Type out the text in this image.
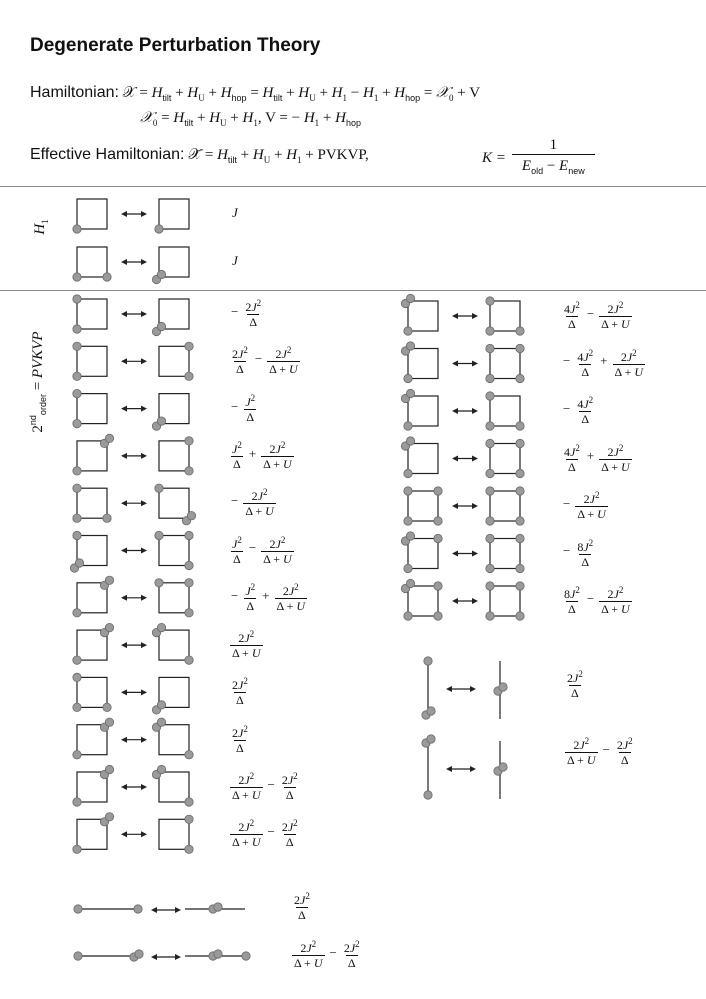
Degenerate Perturbation Theory
Hamiltonian: 𝒳 = $H_{tilt} + H_U + H_{hop} = H_{tilt} + H_U + H_1 - H_1 + H_{hop}$ = 𝒳$_0$ + V
𝒳$_0$ = $H_{tilt} + H_U + H_1$, V = − $H_1 + H_{hop}$
Effective Hamiltonian: 𝒳̃ = $H_{tilt} + H_U + H_1$ + PVKVP,	K =
1
$E_{old} - E_{new}$
$H_1$
$2nd_{order}$ = PVKVP
J
J
− $\frac{2J^2}{\Delta}$
$\frac{2J^2}{\Delta} - \frac{2J^2}{\Delta + U}$
− $\frac{J^2}{\Delta}$
$\frac{J^2}{\Delta} + \frac{2J^2}{\Delta + U}$
− $\frac{2J^2}{\Delta + U}$
$\frac{J^2}{\Delta} - \frac{2J^2}{\Delta + U}$
− $\frac{J^2}{\Delta} + \frac{2J^2}{\Delta + U}$
$\frac{2J^2}{\Delta + U}$
$\frac{2J^2}{\Delta}$
$\frac{2J^2}{\Delta}$
$\frac{2J^2}{\Delta + U} - \frac{2J^2}{\Delta}$
$\frac{2J^2}{\Delta + U} - \frac{2J^2}{\Delta}$
$\frac{4J^2}{\Delta} - \frac{2J^2}{\Delta + U}$
− $\frac{4J^2}{\Delta} + \frac{2J^2}{\Delta + U}$
− $\frac{4J^2}{\Delta}$
$\frac{4J^2}{\Delta} + \frac{2J^2}{\Delta + U}$
− $\frac{2J^2}{\Delta + U}$
− $\frac{8J^2}{\Delta}$
$\frac{8J^2}{\Delta} - \frac{2J^2}{\Delta + U}$
$\frac{2J^2}{\Delta}$
$\frac{2J^2}{\Delta + U} - \frac{2J^2}{\Delta}$
$\frac{2J^2}{\Delta}$
$\frac{2J^2}{\Delta + U} - \frac{2J^2}{\Delta}$
